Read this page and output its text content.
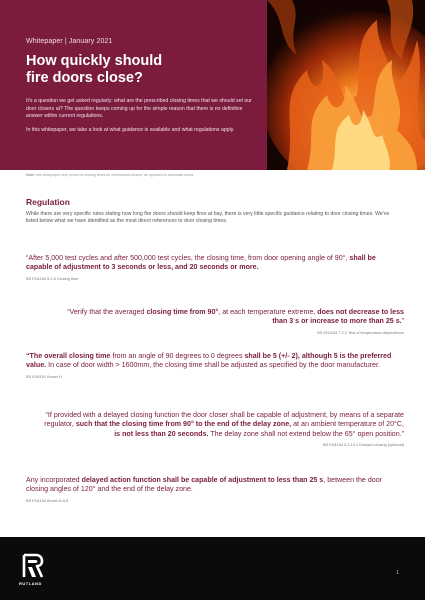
Whitepaper | January 2021
How quickly should
fire doors close?

It's a question we get asked regularly: what are the prescribed closing times that we should set our door closers at? The question keeps coming up for the simple reason that there is no definitive answer within current regulations.

In this whitepaper, we take a look at what guidance is available and what regulations apply.

Note: this whitepaper only concerns closing times for mechanical closers, as opposed to automatic doors.
Regulation

While there are very specific rules stating how long fire doors should keep fires at bay, there is very little specific guidance relating to door closing times. We've listed below what we have identified as the most direct references to door closing times.

“After 5,000 test cycles and after 500,000 test cycles, the closing time, from door opening angle of 90°, shall be capable of adjustment to 3 seconds or less, and 20 seconds or more.

BS EN1154 5.2.6 Closing time

“Verify that the averaged closing time from 90°, at each temperature extreme, does not decrease to less than 3 s or increase to more than 25 s.”

BS EN1154 7.2.2 Test of temperature dependence

“The overall closing time from an angle of 90 degrees to 0 degrees shall be 5 (+/- 2), although 5 is the preferred value. In case of door width > 1600mm, the closing time shall be adjusted as specified by the door manufacturer.

BS EN1191 Annex H

“If provided with a delayed closing function the door closer shall be capable of adjustment, by means of a separate regulator, such that the closing time from 90° to the end of the delay zone, at an ambient temperature of 20°C, is not less than 20 seconds. The delay zone shall not extend below the 65° open position.”

BS EN1154 5.2.14.1 Delayed closing (optional)

Any incorporated delayed action function shall be capable of adjustment to less than 25 s, between the door closing angles of 120° and the end of the delay zone.

BS EN1154 Annex A.A.5
RUTLAND
1
